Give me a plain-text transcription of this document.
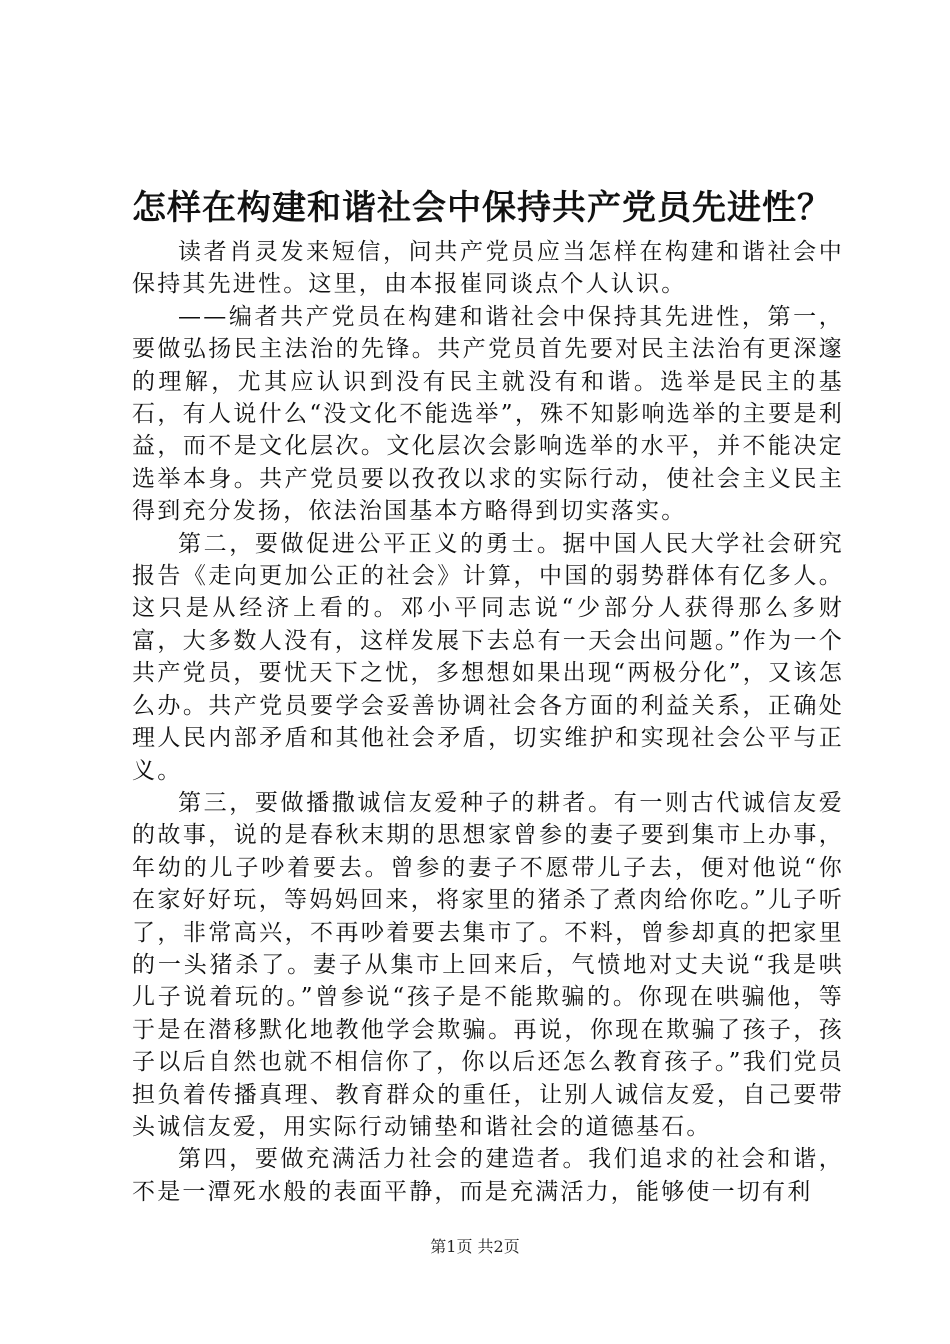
怎样在构建和谐社会中保持共产党员先进性？

读者肖灵发来短信，问共产党员应当怎样在构建和谐社会中保持其先进性。这里，由本报崔同谈点个人认识。

——编者共产党员在构建和谐社会中保持其先进性，第一，要做弘扬民主法治的先锋。共产党员首先要对民主法治有更深邃的理解，尤其应认识到没有民主就没有和谐。选举是民主的基石，有人说什么“没文化不能选举”，殊不知影响选举的主要是利益，而不是文化层次。文化层次会影响选举的水平，并不能决定选举本身。共产党员要以孜孜以求的实际行动，使社会主义民主得到充分发扬，依法治国基本方略得到切实落实。

第二，要做促进公平正义的勇士。据中国人民大学社会研究报告《走向更加公正的社会》计算，中国的弱势群体有亿多人。这只是从经济上看的。邓小平同志说“少部分人获得那么多财富，大多数人没有，这样发展下去总有一天会出问题。”作为一个共产党员，要忧天下之忧，多想想如果出现“两极分化”，又该怎么办。共产党员要学会妥善协调社会各方面的利益关系，正确处理人民内部矛盾和其他社会矛盾，切实维护和实现社会公平与正义。

第三，要做播撒诚信友爱种子的耕者。有一则古代诚信友爱的故事，说的是春秋末期的思想家曾参的妻子要到集市上办事，年幼的儿子吵着要去。曾参的妻子不愿带儿子去，便对他说“你在家好好玩，等妈妈回来，将家里的猪杀了煮肉给你吃。”儿子听了，非常高兴，不再吵着要去集市了。不料，曾参却真的把家里的一头猪杀了。妻子从集市上回来后，气愤地对丈夫说“我是哄儿子说着玩的。”曾参说“孩子是不能欺骗的。你现在哄骗他，等于是在潜移默化地教他学会欺骗。再说，你现在欺骗了孩子，孩子以后自然也就不相信你了，你以后还怎么教育孩子。”我们党员担负着传播真理、教育群众的重任，让别人诚信友爱，自己要带头诚信友爱，用实际行动铺垫和谐社会的道德基石。

第四，要做充满活力社会的建造者。我们追求的社会和谐，不是一潭死水般的表面平静，而是充满活力，能够使一切有利

第1页 共2页
